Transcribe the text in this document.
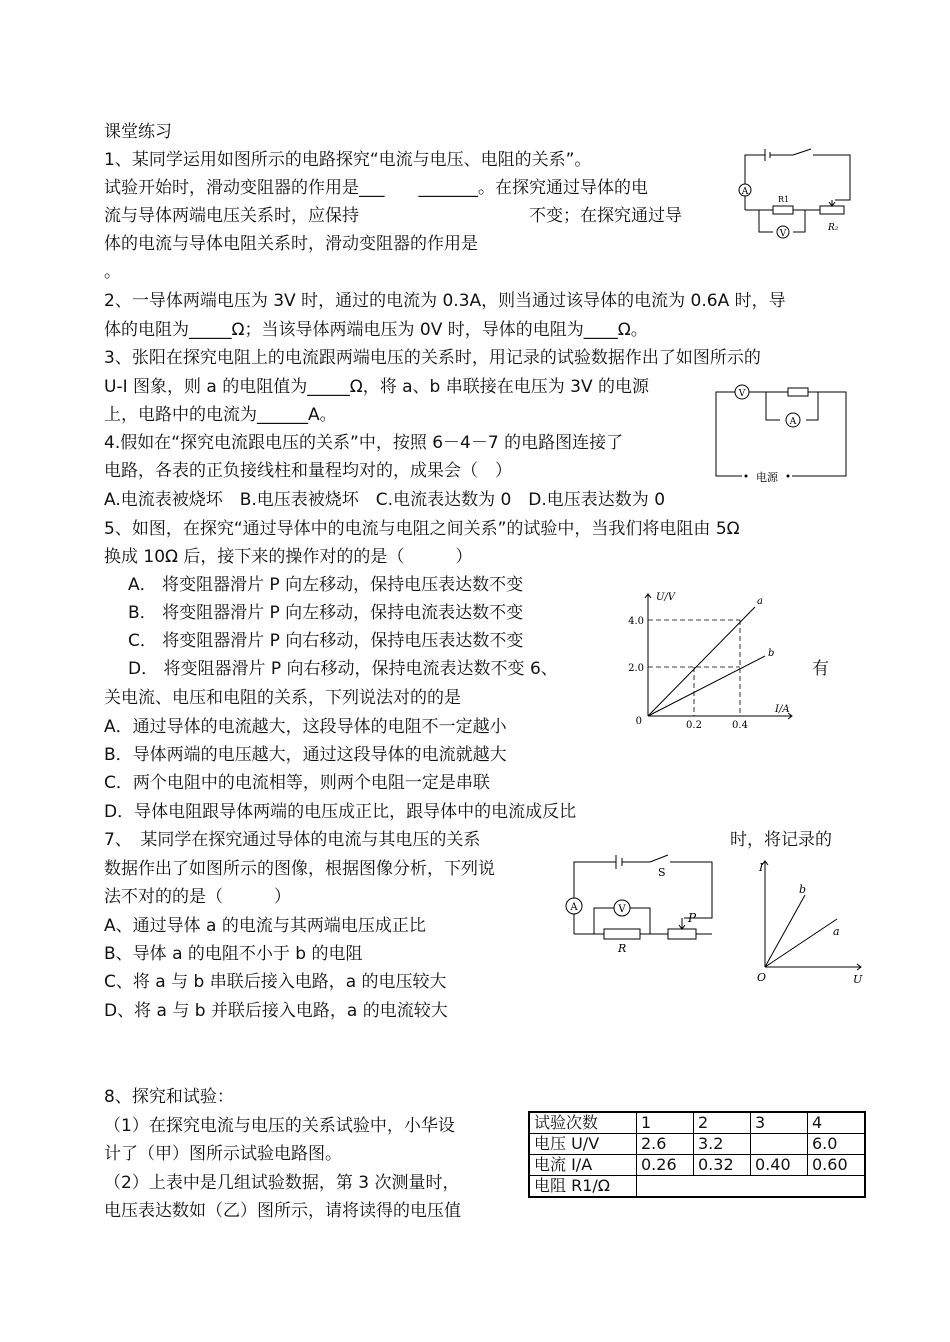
课堂练习
1、某同学运用如图所示的电路探究“电流与电压、电阻的关系”。
试验开始时，滑动变阻器的作用是___　　_______。在探究通过导体的电
流与导体两端电压关系时，应保持　　　　　　　　　　不变；在探究通过导
体的电流与导体电阻关系时，滑动变阻器的作用是
。
2、一导体两端电压为 3V 时，通过的电流为 0.3A，则当通过该导体的电流为 0.6A 时，导
体的电阻为_____Ω；当该导体两端电压为 0V 时，导体的电阻为____Ω。
3、张阳在探究电阻上的电流跟两端电压的关系时，用记录的试验数据作出了如图所示的
U-I 图象，则 a 的电阻值为_____Ω，将 a、b 串联接在电压为 3V 的电源
上，电路中的电流为______A。
4.假如在“探究电流跟电压的关系”中，按照 6－4－7 的电路图连接了
电路，各表的正负接线柱和量程均对的，成果会（　）
A.电流表被烧坏　B.电压表被烧坏　C.电流表达数为 0　D.电压表达数为 0
5、如图，在探究“通过导体中的电流与电阻之间关系”的试验中，当我们将电阻由 5Ω
换成 10Ω 后，接下来的操作对的的是（　　　）
A． 将变阻器滑片 P 向左移动，保持电压表达数不变
B． 将变阻器滑片 P 向左移动，保持电流表达数不变
C． 将变阻器滑片 P 向右移动，保持电压表达数不变
D． 将变阻器滑片 P 向右移动，保持电流表达数不变 6、	有
关电流、电压和电阻的关系，下列说法对的的是
A．通过导体的电流越大，这段导体的电阻不一定越小
B．导体两端的电压越大，通过这段导体的电流就越大
C．两个电阻中的电流相等，则两个电阻一定是串联
D．导体电阻跟导体两端的电压成正比，跟导体中的电流成反比
7、　某同学在探究通过导体的电流与其电压的关系	时，将记录的
数据作出了如图所示的图像，根据图像分析，下列说
法不对的的是（　　　）
A、通过导体 a 的电流与其两端电压成正比
B、导体 a 的电阻不小于 b 的电阻
C、将 a 与 b 串联后接入电路，a 的电压较大
D、将 a 与 b 并联后接入电路，a 的电流较大
8、探究和试验：
（1）在探究电流与电压的关系试验中，小华设
计了（甲）图所示试验电路图。
（2）上表中是几组试验数据，第 3 次测量时，
电压表达数如（乙）图所示，请将读得的电压值
A
R1
V
R₂
V
A
电源
U/V
I/A
0
4.0
2.0
0.2	0.4
a
b
A	V
S
R
P
I
U
O
b
a
试验次数	1	2	3	4
电压 U/V	2.6	3.2		6.0
电流 I/A	0.26	0.32	0.40	0.60
电阻 R1/Ω				
